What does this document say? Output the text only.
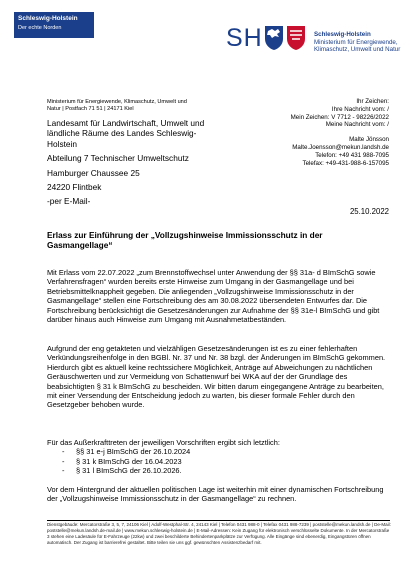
Schleswig-Holstein
Der echte Norden	SH	Schleswig-Holstein
Ministerium für Energiewende,
Klimaschutz, Umwelt und Natur
Ministerium für Energiewende, Klimaschutz, Umwelt und Natur | Postfach 71 51 | 24171 Kiel
Landesamt für Landwirtschaft, Umwelt und
ländliche Räume des Landes Schleswig-
Holstein
Abteilung 7 Technischer Umweltschutz
Hamburger Chaussee 25
24220 Flintbek
-per E-Mail-
Ihr Zeichen:
Ihre Nachricht vom: /
Mein Zeichen: V 7712 - 98226/2022
Meine Nachricht vom: /
Malte Jönsson
Malte.Joensson@mekun.landsh.de
Telefon: +49 431 988-7095
Telefax: +49-431-988-6-157095
25.10.2022
Erlass zur Einführung der „Vollzugshinweise Immissionsschutz in der Gasmangellage“
Mit Erlass vom 22.07.2022 „zum Brennstoffwechsel unter Anwendung der §§ 31a- d BImSchG sowie Verfahrensfragen“ wurden bereits erste Hinweise zum Umgang in der Gasmangellage und bei Betriebsmittelknappheit gegeben. Die anliegenden „Vollzugshinweise Immissionsschutz in der Gasmangellage“ stellen eine Fortschreibung des am 30.08.2022 übersendeten Entwurfes dar. Die Fortschreibung berücksichtigt die Gesetzesänderungen zur Aufnahme der §§ 31e-l BImSchG und gibt darüber hinaus auch Hinweise zum Umgang mit Ausnahmetatbeständen.
Aufgrund der eng getakteten und vielzähligen Gesetzesänderungen ist es zu einer fehlerhaften Verkündungsreihenfolge in den BGBl. Nr. 37 und Nr. 38 bzgl. der Änderungen im BImSchG gekommen. Hierdurch gibt es aktuell keine rechtssichere Möglichkeit, Anträge auf Abweichungen zu nächtlichen Geräuschwerten und zur Vermeidung von Schattenwurf bei WKA auf der der Grundlage des beabsichtigten § 31 k BImSchG zu bescheiden. Wir bitten darum eingegangene Anträge zu bearbeiten, mit einer Versendung der Entscheidung jedoch zu warten, bis dieser formale Fehler durch den Gesetzgeber behoben wurde.
Für das Außerkrafttreten der jeweiligen Vorschriften ergibt sich letztlich:
- §§ 31 e-j BImSchG der 26.10.2024
- § 31 k BImSchG der 16.04.2023
- § 31 l BImSchG der 26.10.2026.
Vor dem Hintergrund der aktuellen politischen Lage ist weiterhin mit einer dynamischen Fortschreibung der „Vollzugshinweise Immissionsschutz in der Gasmangellage“ zu rechnen.
Dienstgebäude: Mercatorstraße 3, 5, 7, 24106 Kiel | Adolf-Westphal-Str. 4, 24143 Kiel | Telefon 0431 988-0 | Telefax 0431 988-7239 | poststelle@mekun.landsh.de | De-Mail: poststelle@mekun.landsh.de-mail.de | www.mekun.schleswig-holstein.de | E-Mail-Adressen: Kein Zugang für elektronisch verschlüsselte Dokumente. In der Mercatorstraße 3 stehen eine Ladesäule für E-Fahrzeuge (22kw) und zwei beschilderte Behindertenparkplätze zur Verfügung. Alle Eingänge sind ebenerdig, Eingangstüren öffnen automatisch. Der Zugang ist barrierefrei gestaltet. Bitte teilen sie uns ggf. gewünschten Assistenzbedarf mit.
